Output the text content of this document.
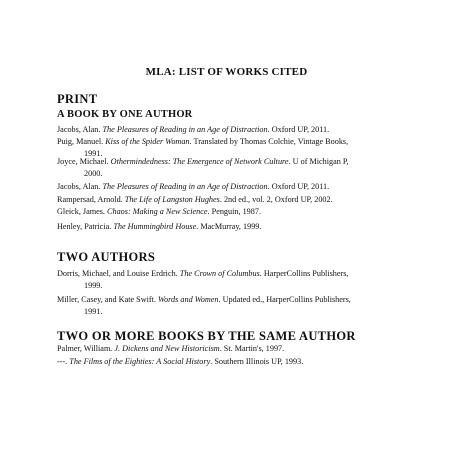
MLA: LIST OF WORKS CITED
PRINT
A BOOK BY ONE AUTHOR
Jacobs, Alan. The Pleasures of Reading in an Age of Distraction. Oxford UP, 2011.
Puig, Manuel. Kiss of the Spider Woman. Translated by Thomas Colchie, Vintage Books,
1991.
Joyce, Michael. Othermindedness: The Emergence of Network Culture. U of Michigan P,
2000.
Jacobs, Alan. The Pleasures of Reading in an Age of Distraction. Oxford UP, 2011.
Rampersad, Arnold. The Life of Langston Hughes. 2nd ed., vol. 2, Oxford UP, 2002.
Gleick, James. Chaos: Making a New Science. Penguin, 1987.
Henley, Patricia. The Hummingbird House. MacMurray, 1999.
TWO AUTHORS
Dorris, Michael, and Louise Erdrich. The Crown of Columbus. HarperCollins Publishers,
1999.
Miller, Casey, and Kate Swift. Words and Women. Updated ed., HarperCollins Publishers,
1991.
TWO OR MORE BOOKS BY THE SAME AUTHOR
Palmer, William. J. Dickens and New Historicism. St. Martin's, 1997.
---. The Films of the Eighties: A Social History. Southern Illinois UP, 1993.
